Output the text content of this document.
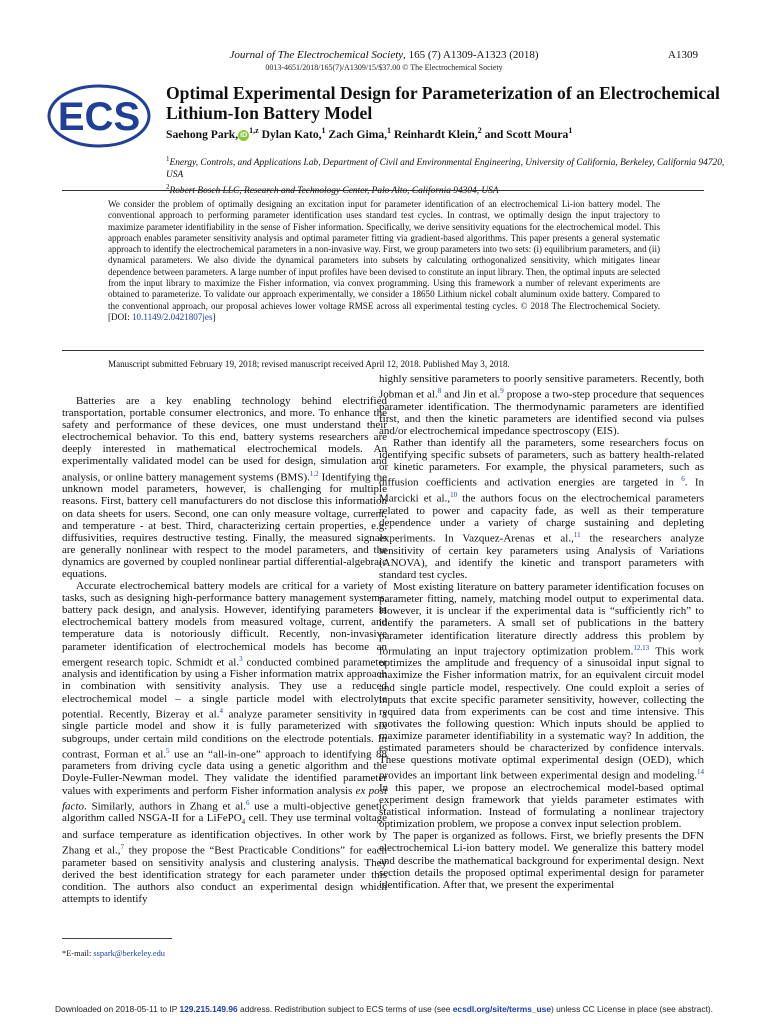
Journal of The Electrochemical Society, 165 (7) A1309-A1323 (2018)
0013-4651/2018/165(7)/A1309/15/$37.00 © The Electrochemical Society
A1309
ECS
Optimal Experimental Design for Parameterization of an Electrochemical Lithium-Ion Battery Model
Saehong Park, iD$^{1,z}$ Dylan Kato,$^1$ Zach Gima,$^1$ Reinhardt Klein,$^2$ and Scott Moura$^1$

$^1$Energy, Controls, and Applications Lab, Department of Civil and Environmental Engineering, University of California, Berkeley, California 94720, USA

$^2$Robert Bosch LLC, Research and Technology Center, Palo Alto, California 94304, USA

We consider the problem of optimally designing an excitation input for parameter identification of an electrochemical Li-ion battery model. The conventional approach to performing parameter identification uses standard test cycles. In contrast, we optimally design the input trajectory to maximize parameter identifiability in the sense of Fisher information. Specifically, we derive sensitivity equations for the electrochemical model. This approach enables parameter sensitivity analysis and optimal parameter fitting via gradient-based algorithms. This paper presents a general systematic approach to identify the electrochemical parameters in a non-invasive way. First, we group parameters into two sets: (i) equilibrium parameters, and (ii) dynamical parameters. We also divide the dynamical parameters into subsets by calculating orthogonalized sensitivity, which mitigates linear dependence between parameters. A large number of input profiles have been devised to constitute an input library. Then, the optimal inputs are selected from the input library to maximize the Fisher information, via convex programming. Using this framework a number of relevant experiments are obtained to parameterize. To validate our approach experimentally, we consider a 18650 Lithium nickel cobalt aluminum oxide battery. Compared to the conventional approach, our proposal achieves lower voltage RMSE across all experimental testing cycles. © 2018 The Electrochemical Society. [DOI: 10.1149/2.0421807jes]
Manuscript submitted February 19, 2018; revised manuscript received April 12, 2018. Published May 3, 2018.

Batteries are a key enabling technology behind electrified transportation, portable consumer electronics, and more. To enhance the safety and performance of these devices, one must understand their electrochemical behavior. To this end, battery systems researchers are deeply interested in mathematical electrochemical models. An experimentally validated model can be used for design, simulation and analysis, or online battery management systems (BMS).$^{1,2}$ Identifying the unknown model parameters, however, is challenging for multiple reasons. First, battery cell manufacturers do not disclose this information on data sheets for users. Second, one can only measure voltage, current, and temperature - at best. Third, characterizing certain properties, e.g. diffusivities, requires destructive testing. Finally, the measured signals are generally nonlinear with respect to the model parameters, and the dynamics are governed by coupled nonlinear partial differential-algebraic equations.

Accurate electrochemical battery models are critical for a variety of tasks, such as designing high-performance battery management systems, battery pack design, and analysis. However, identifying parameters in electrochemical battery models from measured voltage, current, and temperature data is notoriously difficult. Recently, non-invasive parameter identification of electrochemical models has become an emergent research topic. Schmidt et al.$^3$ conducted combined parameter analysis and identification by using a Fisher information matrix approach in combination with sensitivity analysis. They use a reduced electrochemical model – a single particle model with electrolyte potential. Recently, Bizeray et al.$^4$ analyze parameter sensitivity in a single particle model and show it is fully parameterized with six subgroups, under certain mild conditions on the electrode potentials. In contrast, Forman et al.$^5$ use an “all-in-one” approach to identifying 88 parameters from driving cycle data using a genetic algorithm and the Doyle-Fuller-Newman model. They validate the identified parameter values with experiments and perform Fisher information analysis ex post facto. Similarly, authors in Zhang et al.$^6$ use a multi-objective genetic algorithm called NSGA-II for a LiFePO$_4$ cell. They use terminal voltage and surface temperature as identification objectives. In other work by Zhang et al.,$^7$ they propose the “Best Practicable Conditions” for each parameter based on sensitivity analysis and clustering analysis. They derived the best identification strategy for each parameter under this condition. The authors also conduct an experimental design which attempts to identify

highly sensitive parameters to poorly sensitive parameters. Recently, both Jobman et al.$^8$ and Jin et al.$^9$ propose a two-step procedure that sequences parameter identification. The thermodynamic parameters are identified first, and then the kinetic parameters are identified second via pulses and/or electrochemical impedance spectroscopy (EIS).

Rather than identify all the parameters, some researchers focus on identifying specific subsets of parameters, such as battery health-related or kinetic parameters. For example, the physical parameters, such as diffusion coefficients and activation energies are targeted in $^6$. In Marcicki et al.,$^{10}$ the authors focus on the electrochemical parameters related to power and capacity fade, as well as their temperature dependence under a variety of charge sustaining and depleting experiments. In Vazquez-Arenas et al.,$^{11}$ the researchers analyze sensitivity of certain key parameters using Analysis of Variations (ANOVA), and identify the kinetic and transport parameters with standard test cycles.

Most existing literature on battery parameter identification focuses on parameter fitting, namely, matching model output to experimental data. However, it is unclear if the experimental data is “sufficiently rich” to identify the parameters. A small set of publications in the battery parameter identification literature directly address this problem by formulating an input trajectory optimization problem.$^{12,13}$ This work optimizes the amplitude and frequency of a sinusoidal input signal to maximize the Fisher information matrix, for an equivalent circuit model and single particle model, respectively. One could exploit a series of inputs that excite specific parameter sensitivity, however, collecting the required data from experiments can be cost and time intensive. This motivates the following question: Which inputs should be applied to maximize parameter identifiability in a systematic way? In addition, the estimated parameters should be characterized by confidence intervals. These questions motivate optimal experimental design (OED), which provides an important link between experimental design and modeling.$^{14}$ In this paper, we propose an electrochemical model-based optimal experiment design framework that yields parameter estimates with statistical information. Instead of formulating a nonlinear trajectory optimization problem, we propose a convex input selection problem.

The paper is organized as follows. First, we briefly presents the DFN electrochemical Li-ion battery model. We generalize this battery model and describe the mathematical background for experimental design. Next section details the proposed optimal experimental design for parameter identification. After that, we present the experimental

*E-mail: sspark@berkeley.edu
Downloaded on 2018-05-11 to IP 129.215.149.96 address. Redistribution subject to ECS terms of use (see ecsdl.org/site/terms_use) unless CC License in place (see abstract).
